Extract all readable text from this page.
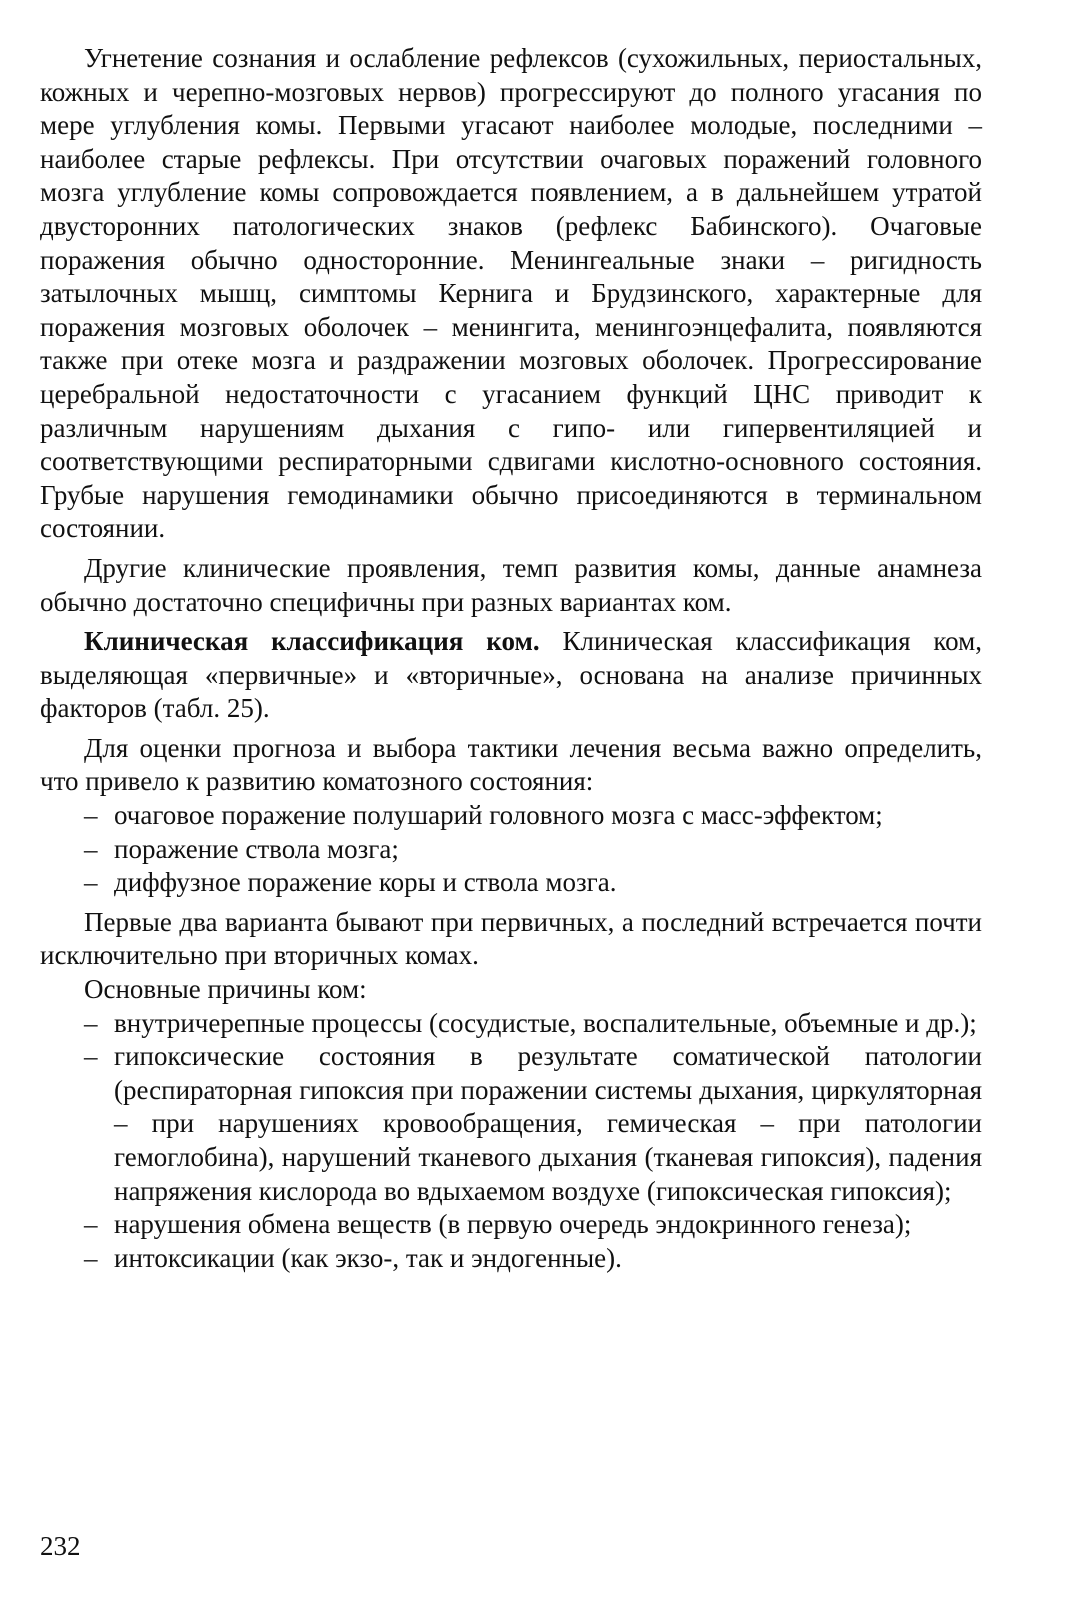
Угнетение сознания и ослабление рефлексов (сухожильных, периостальных, кожных и черепно-мозговых нервов) прогрессируют до полного угасания по мере углубления комы. Первыми угасают наиболее молодые, последними – наиболее старые рефлексы. При отсутствии очаговых поражений головного мозга углубление комы сопровождается появлением, а в дальнейшем утратой двусторонних патологических знаков (рефлекс Бабинского). Очаговые поражения обычно односторонние. Менингеальные знаки – ригидность затылочных мышц, симптомы Кернига и Брудзинского, характерные для поражения мозговых оболочек – менингита, менингоэнцефалита, появляются также при отеке мозга и раздражении мозговых оболочек. Прогрессирование церебральной недостаточности с угасанием функций ЦНС приводит к различным нарушениям дыхания с гипо- или гипервентиляцией и соответствующими респираторными сдвигами кислотно-основного состояния. Грубые нарушения гемодинамики обычно присоединяются в терминальном состоянии.

Другие клинические проявления, темп развития комы, данные анамнеза обычно достаточно специфичны при разных вариантах ком.

Клиническая классификация ком. Клиническая классификация ком, выделяющая «первичные» и «вторичные», основана на анализе причинных факторов (табл. 25).

Для оценки прогноза и выбора тактики лечения весьма важно определить, что привело к развитию коматозного состояния:

– очаговое поражение полушарий головного мозга с масс-эффектом;
– поражение ствола мозга;
– диффузное поражение коры и ствола мозга.

Первые два варианта бывают при первичных, а последний встречается почти исключительно при вторичных комах.

Основные причины ком:

– внутричерепные процессы (сосудистые, воспалительные, объемные и др.);
– гипоксические состояния в результате соматической патологии (респираторная гипоксия при поражении системы дыхания, циркуляторная – при нарушениях кровообращения, гемическая – при патологии гемоглобина), нарушений тканевого дыхания (тканевая гипоксия), падения напряжения кислорода во вдыхаемом воздухе (гипоксическая гипоксия);
– нарушения обмена веществ (в первую очередь эндокринного генеза);
– интоксикации (как экзо-, так и эндогенные).
232
